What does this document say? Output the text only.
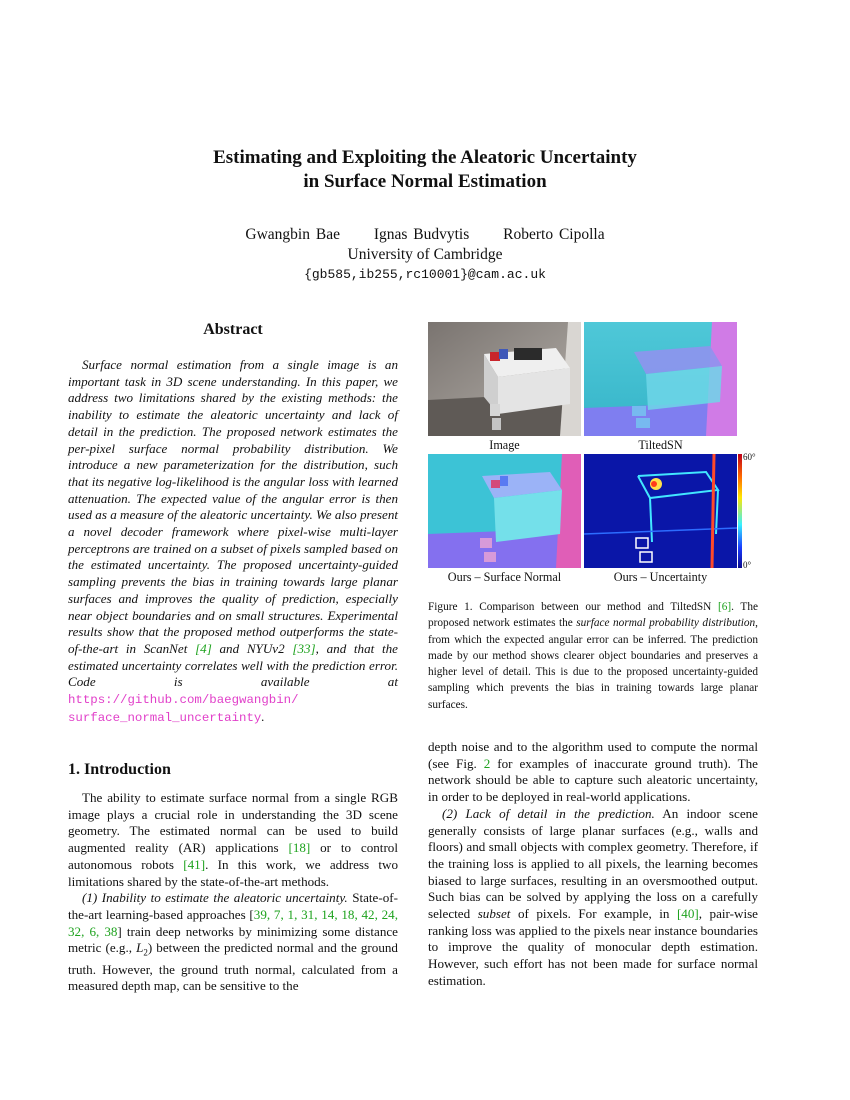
Estimating and Exploiting the Aleatoric Uncertainty
in Surface Normal Estimation
Gwangbin Bae Ignas Budvytis Roberto Cipolla
University of Cambridge
{gb585,ib255,rc10001}@cam.ac.uk
Abstract

Surface normal estimation from a single image is an important task in 3D scene understanding. In this paper, we address two limitations shared by the existing methods: the inability to estimate the aleatoric uncertainty and lack of detail in the prediction. The proposed network estimates the per-pixel surface normal probability distribution. We introduce a new parameterization for the distribution, such that its negative log-likelihood is the angular loss with learned attenuation. The expected value of the angular error is then used as a measure of the aleatoric uncertainty. We also present a novel decoder framework where pixel-wise multi-layer perceptrons are trained on a subset of pixels sampled based on the estimated uncertainty. The proposed uncertainty-guided sampling prevents the bias in training towards large planar surfaces and improves the quality of prediction, especially near object boundaries and on small structures. Experimental results show that the proposed method outperforms the state-of-the-art in ScanNet [4] and NYUv2 [33], and that the estimated uncertainty correlates well with the prediction error. Code is available at https://github.com/baegwangbin/ surface_normal_uncertainty.

1. Introduction

The ability to estimate surface normal from a single RGB image plays a crucial role in understanding the 3D scene geometry. The estimated normal can be used to build augmented reality (AR) applications [18] or to control autonomous robots [41]. In this work, we address two limitations shared by the state-of-the-art methods.

(1) Inability to estimate the aleatoric uncertainty. State-of-the-art learning-based approaches [39, 7, 1, 31, 14, 18, 42, 24, 32, 6, 38] train deep networks by minimizing some distance metric (e.g., $L_2$) between the predicted normal and the ground truth. However, the ground truth normal, calculated from a measured depth map, can be sensitive to the

Image	TiltedSN
60°
0°
Ours – Surface Normal	Ours – Uncertainty
Figure 1. Comparison between our method and TiltedSN [6]. The proposed network estimates the surface normal probability distribution, from which the expected angular error can be inferred. The prediction made by our method shows clearer object boundaries and preserves a higher level of detail. This is due to the proposed uncertainty-guided sampling which prevents the bias in training towards large planar surfaces.

depth noise and to the algorithm used to compute the normal (see Fig. 2 for examples of inaccurate ground truth). The network should be able to capture such aleatoric uncertainty, in order to be deployed in real-world applications.

(2) Lack of detail in the prediction. An indoor scene generally consists of large planar surfaces (e.g., walls and floors) and small objects with complex geometry. Therefore, if the training loss is applied to all pixels, the learning becomes biased to large surfaces, resulting in an oversmoothed output. Such bias can be solved by applying the loss on a carefully selected subset of pixels. For example, in [40], pair-wise ranking loss was applied to the pixels near instance boundaries to improve the quality of monocular depth estimation. However, such effort has not been made for surface normal estimation.
